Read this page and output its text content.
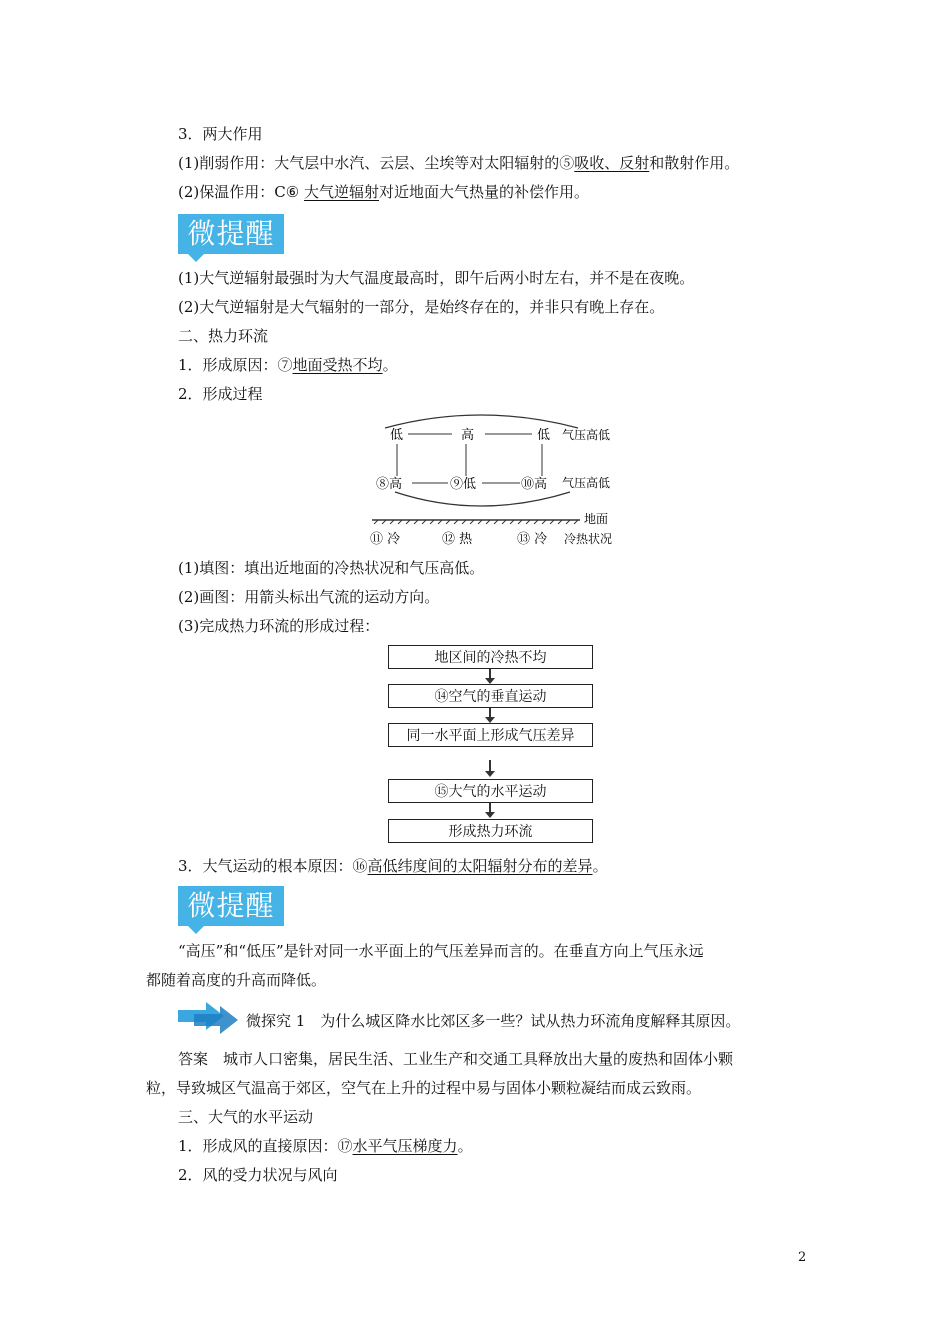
3．两大作用
(1)削弱作用：大气层中水汽、云层、尘埃等对太阳辐射的⑤吸收、反射和散射作用。
(2)保温作用：C⑥ 大气逆辐射对近地面大气热量的补偿作用。
微提醒
(1)大气逆辐射最强时为大气温度最高时，即午后两小时左右，并不是在夜晚。
(2)大气逆辐射是大气辐射的一部分，是始终存在的，并非只有晚上存在。
二、热力环流
1．形成原因：⑦地面受热不均。
2．形成过程
低	高	低 气压高低
⑧高	⑨低	⑩高 气压高低
地面
⑪ 冷	⑫ 热	⑬ 冷 冷热状况
(1)填图：填出近地面的冷热状况和气压高低。
(2)画图：用箭头标出气流的运动方向。
(3)完成热力环流的形成过程：
地区间的冷热不均
⑭空气的垂直运动
同一水平面上形成气压差异
⑮大气的水平运动
形成热力环流
3．大气运动的根本原因：⑯高低纬度间的太阳辐射分布的差异。
微提醒
“高压”和“低压”是针对同一水平面上的气压差异而言的。在垂直方向上气压永远
都随着高度的升高而降低。
微探究 1　为什么城区降水比郊区多一些？试从热力环流角度解释其原因。
答案　城市人口密集，居民生活、工业生产和交通工具释放出大量的废热和固体小颗
粒，导致城区气温高于郊区，空气在上升的过程中易与固体小颗粒凝结而成云致雨。
三、大气的水平运动
1．形成风的直接原因：⑰水平气压梯度力。
2．风的受力状况与风向
2
